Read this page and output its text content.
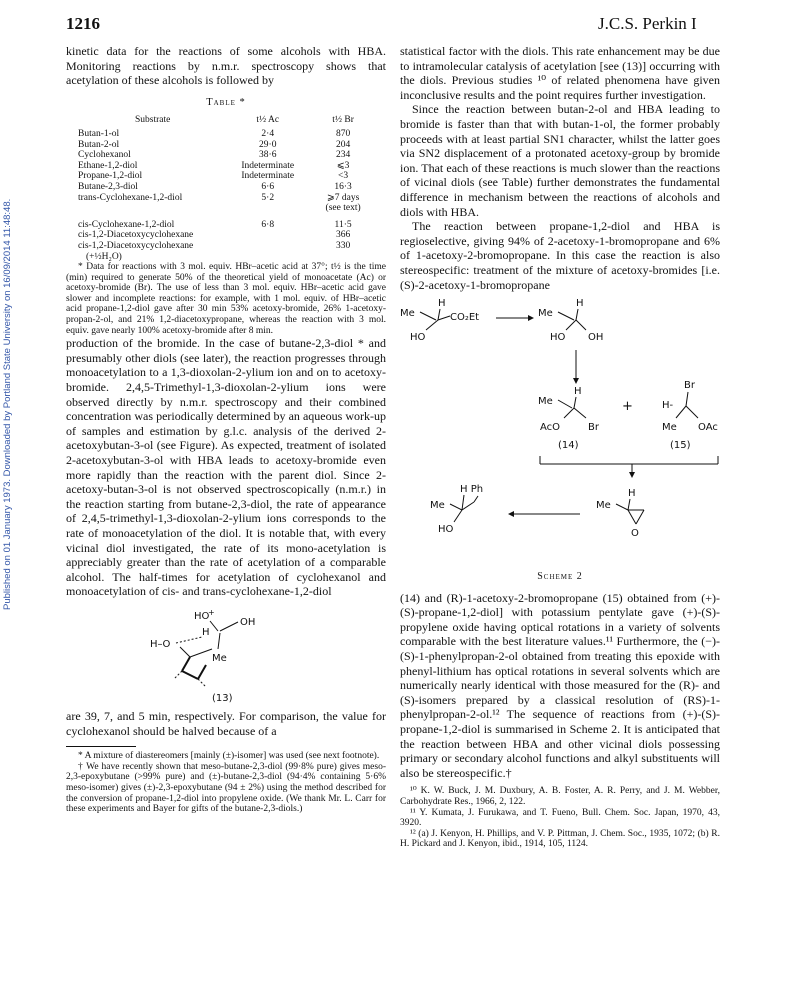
1216	J.C.S. Perkin I
Published on 01 January 1973. Downloaded by Portland State University on 16/09/2014 11:48:48.

kinetic data for the reactions of some alcohols with HBA. Monitoring reactions by n.m.r. spectroscopy shows that acetylation of these alcohols is followed by

Table *
Substrate	t½ Ac	t½ Br
Butan-1-ol	2·4	870
Butan-2-ol	29·0	204
Cyclohexanol	38·6	234
Ethane-1,2-diol	Indeterminate	⩽3
Propane-1,2-diol	Indeterminate	<3
Butane-2,3-diol	6·6	16·3
trans-Cyclohexane-1,2-diol	5·2	⩾7 days
		(see text)
cis-Cyclohexane-1,2-diol	6·8	11·5
cis-1,2-Diacetoxycyclohexane		366
cis-1,2-Diacetoxycyclohexane		330
(+½H₂O)		

* Data for reactions with 3 mol. equiv. HBr–acetic acid at 37°; t½ is the time (min) required to generate 50% of the theoretical yield of monoacetate (Ac) or acetoxy-bromide (Br). The use of less than 3 mol. equiv. HBr–acetic acid gave slower and incomplete reactions: for example, with 1 mol. equiv. of HBr–acetic acid propane-1,2-diol gave after 30 min 53% acetoxy-bromide, 26% 1-acetoxy-propan-2-ol, and 21% 1,2-diacetoxypropane, whereas the reaction with 3 mol. equiv. gave nearly 100% acetoxy-bromide after 8 min.

production of the bromide. In the case of butane-2,3-diol * and presumably other diols (see later), the reaction progresses through monoacetylation to a 1,3-dioxolan-2-ylium ion and on to acetoxy-bromide. 2,4,5-Trimethyl-1,3-dioxolan-2-ylium ions were observed directly by n.m.r. spectroscopy and their combined concentration was periodically determined by an aqueous work-up of samples and estimation by g.l.c. analysis of the derived 2-acetoxybutan-3-ol (see Figure). As expected, treatment of isolated 2-acetoxybutan-3-ol with HBA leads to acetoxy-bromide even more rapidly than the reaction with the parent diol. Since 2-acetoxy-butan-3-ol is not observed spectroscopically (n.m.r.) in the reaction starting from butane-2,3-diol, the rate of appearance of 2,4,5-trimethyl-1,3-dioxolan-2-ylium ions corresponds to the rate of monoacetylation of the diol. It is notable that, with every vicinal diol investigated, the rate of its mono-acetylation is appreciably greater than the rate of acetylation of a comparable alcohol. The half-times for acetylation of cyclohexanol and monoacetylation of cis- and trans-cyclohexane-1,2-diol

HO
+
OH
Me
H
H–O
(13)

are 39, 7, and 5 min, respectively. For comparison, the value for cyclohexanol should be halved because of a

* A mixture of diastereomers [mainly (±)-isomer] was used (see next footnote).

† We have recently shown that meso-butane-2,3-diol (99·8% pure) gives meso-2,3-epoxybutane (>99% pure) and (±)-butane-2,3-diol (94·4% containing 5·6% meso-isomer) gives (±)-2,3-epoxybutane (94 ± 2%) using the method described for the conversion of propane-1,2-diol into propylene oxide. (We thank Mr. L. Carr for these experiments and Bayer for gifts of the butane-2,3-diols.)

statistical factor with the diols. This rate enhancement may be due to intramolecular catalysis of acetylation [see (13)] occurring with the diols. Previous studies ¹⁰ of related phenomena have given inconclusive results and the point requires further investigation.

Since the reaction between butan-2-ol and HBA leading to bromide is faster than that with butan-1-ol, the former probably proceeds with at least partial SN1 character, whilst the latter goes via SN2 displacement of a protonated acetoxy-group by bromide ion. That each of these reactions is much slower than the reactions of vicinal diols (see Table) further demonstrates the fundamental difference in mechanism between the reactions of alcohols and diols with HBA.

The reaction between propane-1,2-diol and HBA is regioselective, giving 94% of 2-acetoxy-1-bromopropane and 6% of 1-acetoxy-2-bromopropane. In this case the reaction is also stereospecific: treatment of the mixture of acetoxy-bromides [i.e. (S)-2-acetoxy-1-bromopropane

Me
H
CO₂Et
HO
Me
H
HO OH
Me
H
AcO	Br
(14)
+
Br
H-
Me OAc
(15)
Me
H
O
Me
H Ph
HO
Scheme 2

(14) and (R)-1-acetoxy-2-bromopropane (15) obtained from (+)-(S)-propane-1,2-diol] with potassium pentylate gave (+)-(S)-propylene oxide having optical rotations in a variety of solvents comparable with the best literature values.¹¹ Furthermore, the (−)-(S)-1-phenylpropan-2-ol obtained from treating this epoxide with phenyl-lithium has optical rotations in several solvents which are numerically nearly identical with those measured for the (R)- and (S)-isomers prepared by a classical resolution of (RS)-1-phenylpropan-2-ol.¹² The sequence of reactions from (+)-(S)-propane-1,2-diol is summarised in Scheme 2. It is anticipated that the reaction between HBA and other vicinal diols possessing primary or secondary alcohol functions and alkyl substituents will also be stereospecific.†

¹⁰ K. W. Buck, J. M. Duxbury, A. B. Foster, A. R. Perry, and J. M. Webber, Carbohydrate Res., 1966, 2, 122.

¹¹ Y. Kumata, J. Furukawa, and T. Fueno, Bull. Chem. Soc. Japan, 1970, 43, 3920.

¹² (a) J. Kenyon, H. Phillips, and V. P. Pittman, J. Chem. Soc., 1935, 1072; (b) R. H. Pickard and J. Kenyon, ibid., 1914, 105, 1124.
